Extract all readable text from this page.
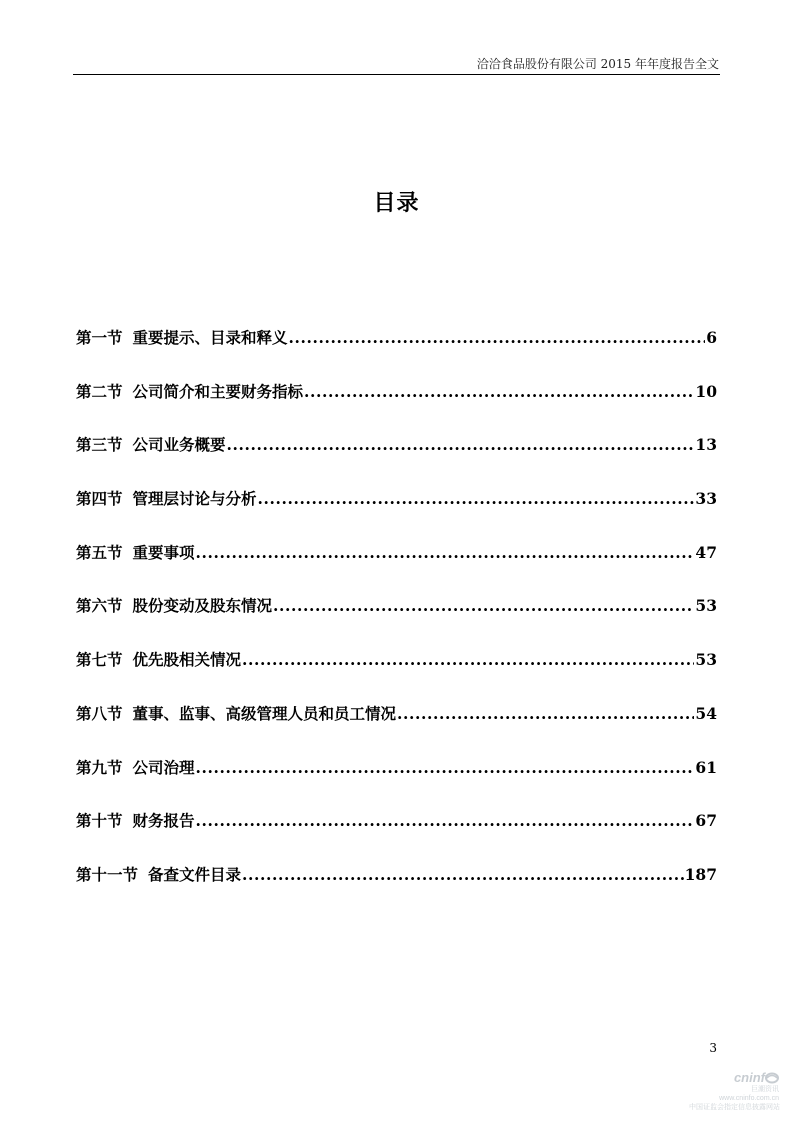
洽洽食品股份有限公司 2015 年年度报告全文
目录
第一节 重要提示、目录和释义 .....	6
第二节 公司简介和主要财务指标 .....	10
第三节 公司业务概要 .....	13
第四节 管理层讨论与分析 .....	33
第五节 重要事项 .....	47
第六节 股份变动及股东情况 .....	53
第七节 优先股相关情况 .....	53
第八节 董事、监事、高级管理人员和员工情况 .....	54
第九节 公司治理 .....	61
第十节 财务报告 .....	67
第十一节 备查文件目录 .....	187
3
cninf
巨潮资讯
www.cninfo.com.cn
中国证监会指定信息披露网站
